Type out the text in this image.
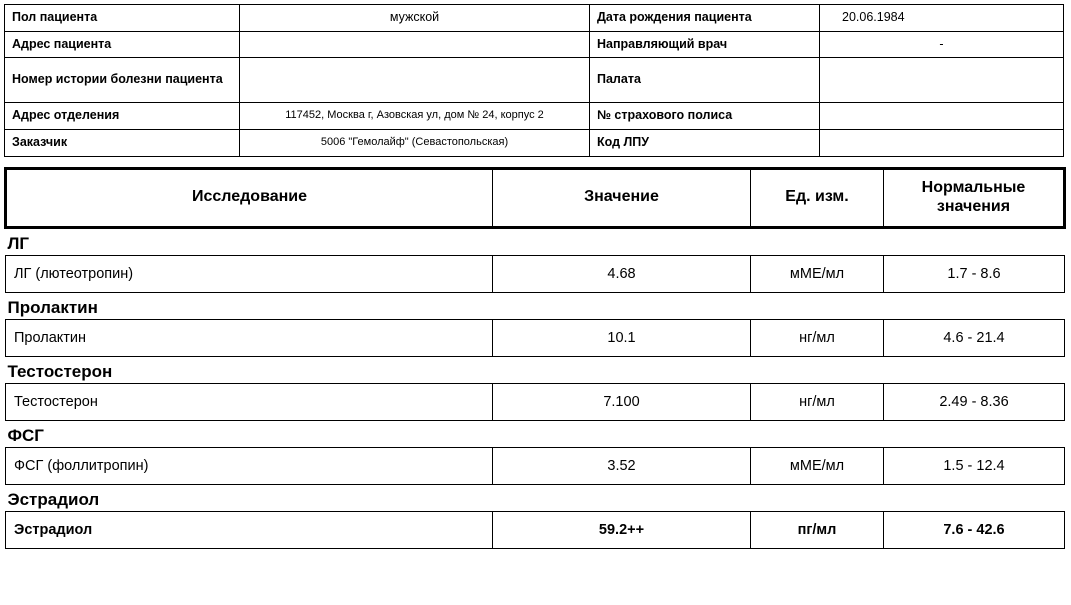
Пол пациента	мужской	Дата рождения пациента	20.06.1984
Адрес пациента		Направляющий врач	-
Номер истории болезни пациента		Палата	
Адрес отделения	117452, Москва г, Азовская ул, дом № 24, корпус 2	№ страхового полиса	
Заказчик	5006 "Гемолайф" (Севастопольская)	Код ЛПУ	
Исследование	Значение	Ед. изм.	Нормальные
значения
ЛГ			
ЛГ (лютеотропин)	4.68	мМЕ/мл	1.7 - 8.6
Пролактин			
Пролактин	10.1	нг/мл	4.6 - 21.4
Тестостерон			
Тестостерон	7.100	нг/мл	2.49 - 8.36
ФСГ			
ФСГ (фоллитропин)	3.52	мМЕ/мл	1.5 - 12.4
Эстрадиол			
Эстрадиол	59.2++	пг/мл	7.6 - 42.6
